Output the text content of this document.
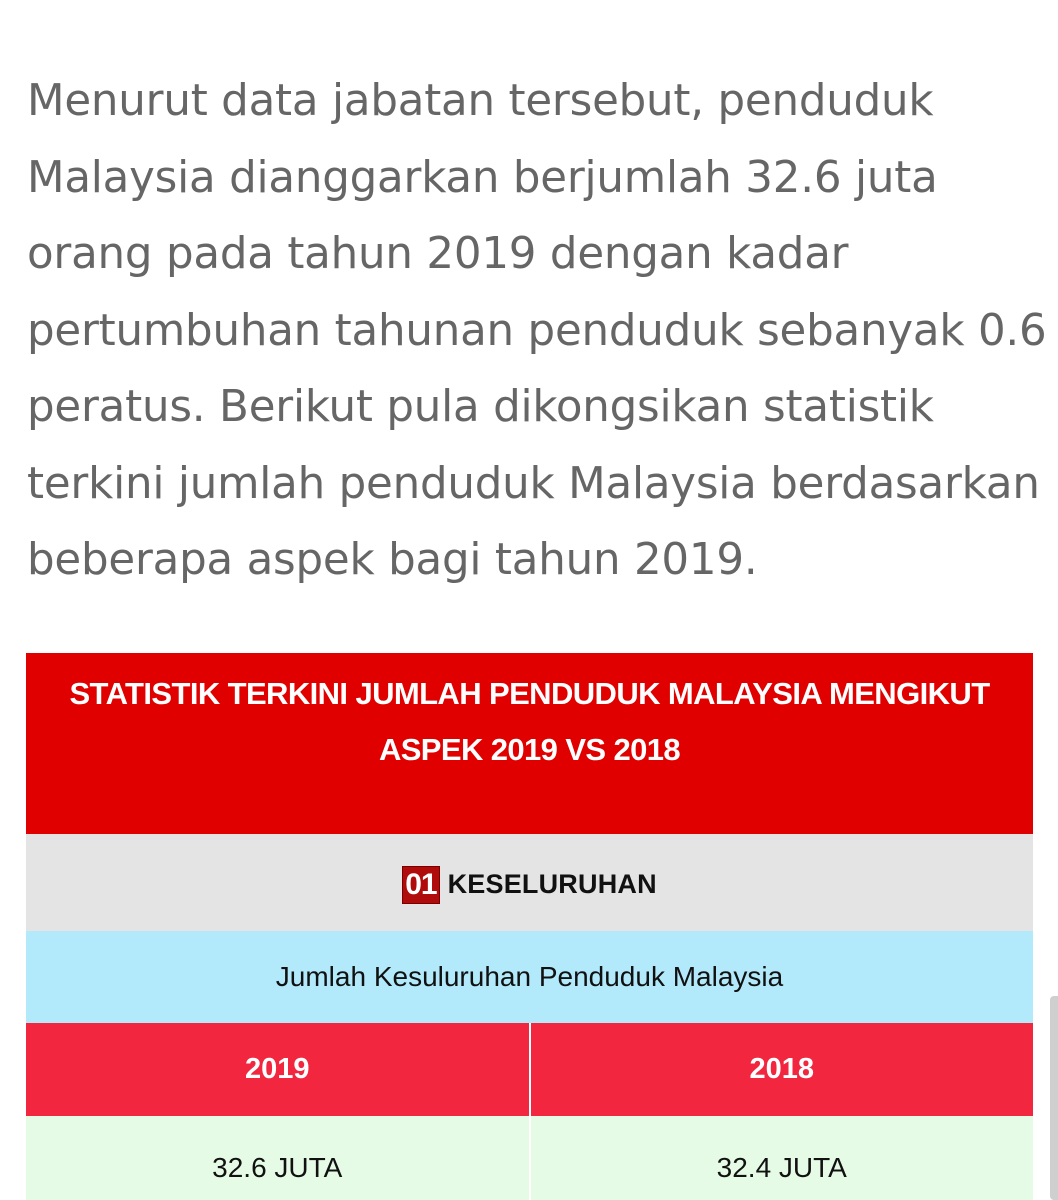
Menurut data jabatan tersebut, penduduk
Malaysia dianggarkan berjumlah 32.6 juta
orang pada tahun 2019 dengan kadar
pertumbuhan tahunan penduduk sebanyak 0.6
peratus. Berikut pula dikongsikan statistik
terkini jumlah penduduk Malaysia berdasarkan
beberapa aspek bagi tahun 2019.

STATISTIK TERKINI JUMLAH PENDUDUK MALAYSIA MENGIKUT
ASPEK 2019 VS 2018
01 KESELURUHAN
Jumlah Kesuluruhan Penduduk Malaysia
2019	2018
32.6 JUTA	32.4 JUTA
